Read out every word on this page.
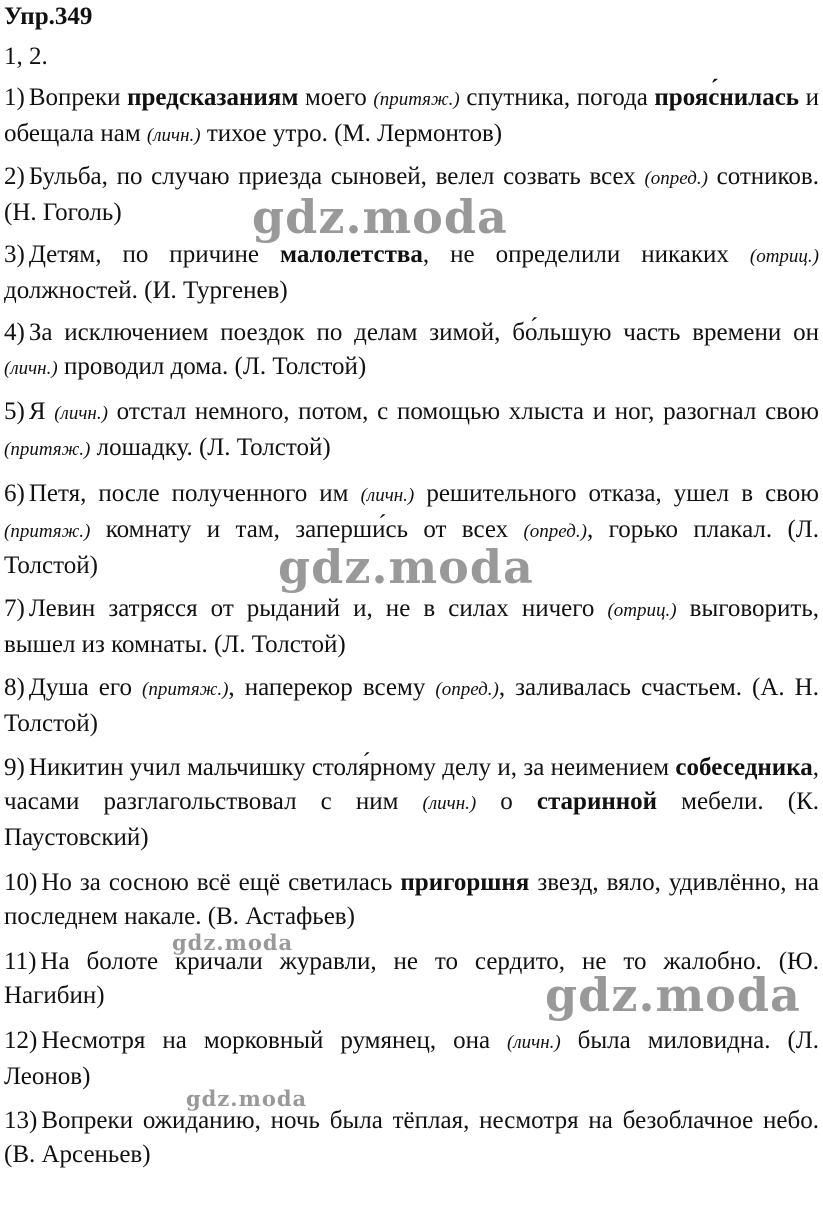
Упр.349
1, 2.

1) Вопреки предсказаниям моего (притяж.) спутника, погода прояс ´нилась и обещала нам (личн.) тихое утро. (М. Лермонтов)

2) Бульба, по случаю приезда сыновей, велел созвать всех (опред.) сотников. (Н. Гоголь)

3) Детям, по причине малолетства, не определили никаких (отриц.) должностей. (И. Тургенев)

4) За исключением поездок по делам зимой, бо́льшую часть времени он (личн.) проводил дома. (Л. Толстой)

5) Я (личн.) отстал немного, потом, с помощью хлыста и ног, разогнал свою (притяж.) лошадку. (Л. Толстой)

6) Петя, после полученного им (личн.) решительного отказа, ушел в свою (притяж.) комнату и там, заперши́сь от всех (опред.), горько плакал. (Л. Толстой)

7) Левин затрясся от рыданий и, не в силах ничего (отриц.) выговорить, вышел из комнаты. (Л. Толстой)

8) Душа его (притяж.), наперекор всему (опред.), заливалась счастьем. (А. Н. Толстой)

9) Никитин учил мальчишку столя́рному делу и, за неимением собеседника, часами разглагольствовал с ним (личн.) о старинной мебели. (К. Паустовский)

10) Но за сосною всё ещё светилась пригоршня звезд, вяло, удивлённо, на последнем накале. (В. Астафьев)

11) На болоте кричали журавли, не то сердито, не то жалобно. (Ю. Нагибин)

12) Несмотря на морковный румянец, она (личн.) была миловидна. (Л. Леонов)

13) Вопреки ожиданию, ночь была тёплая, несмотря на безоблачное небо. (В. Арсеньев)

gdz.moda
gdz.moda
gdz.moda
gdz.moda
gdz.moda
